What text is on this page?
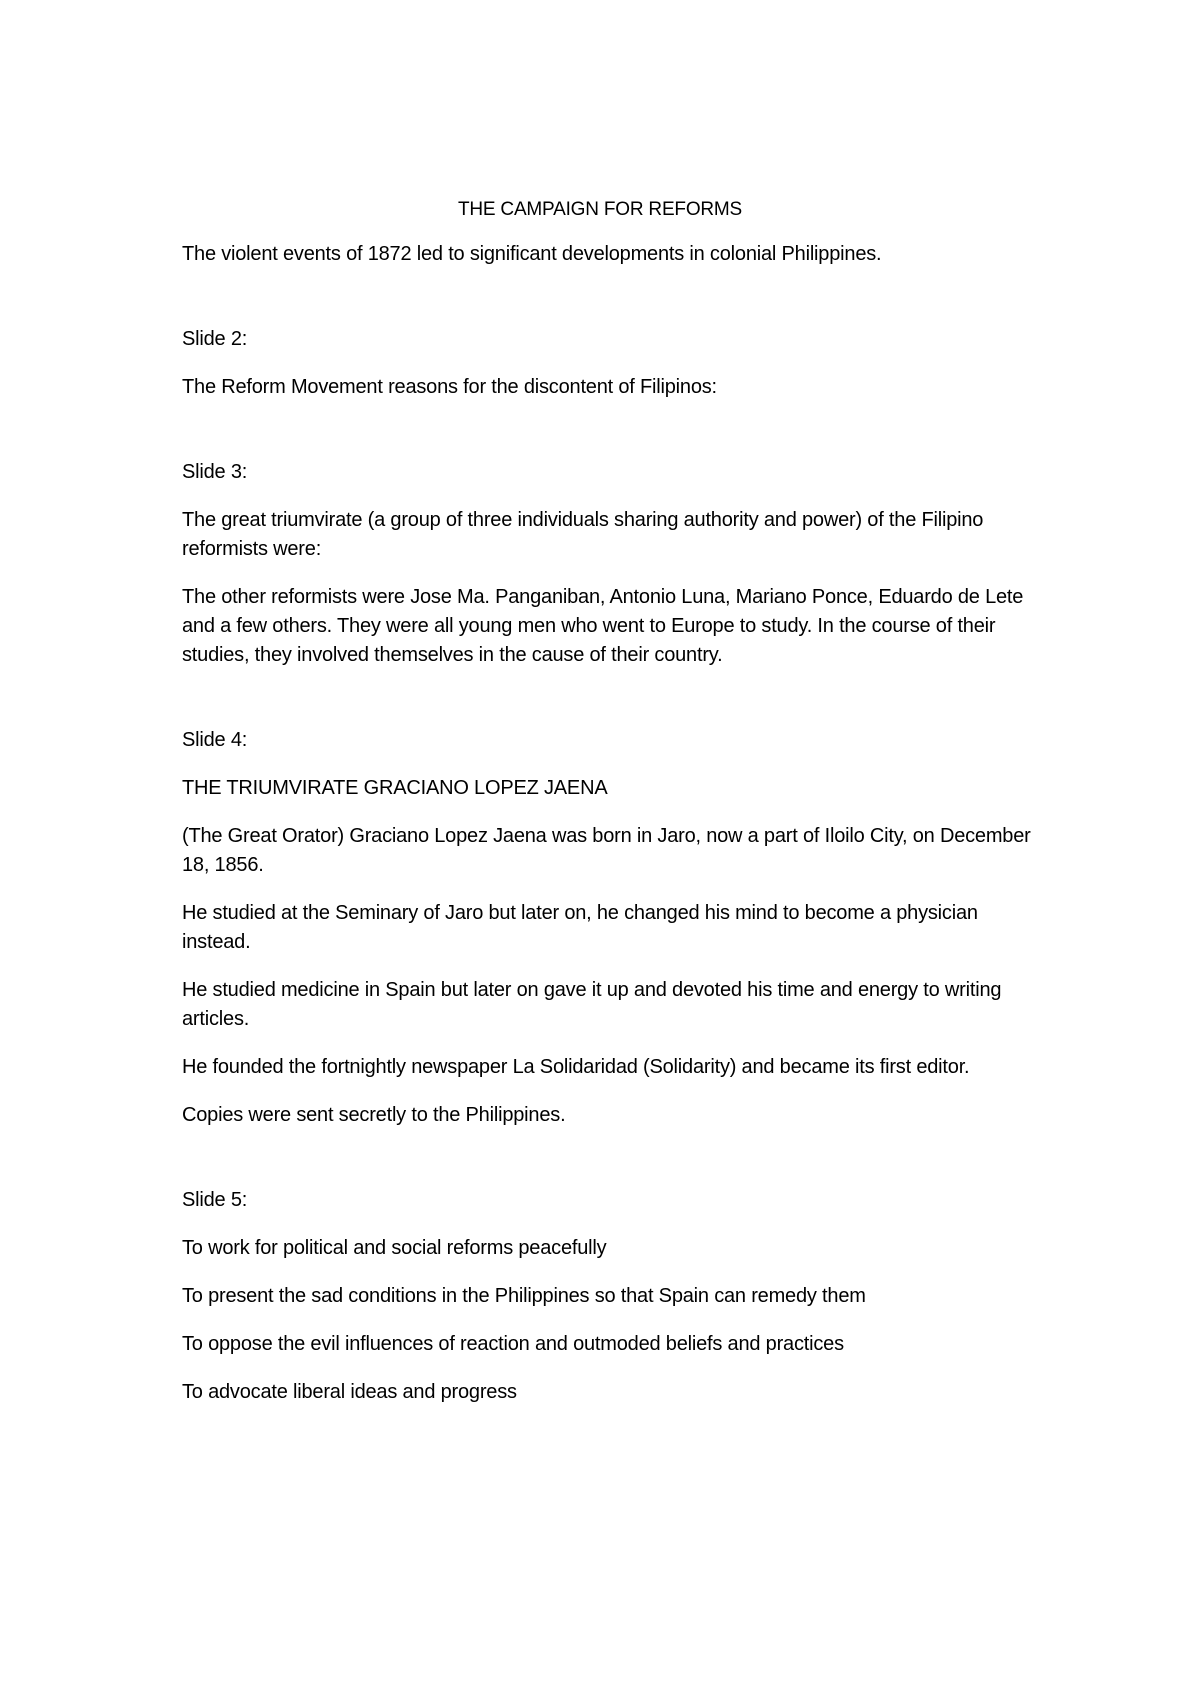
THE CAMPAIGN FOR REFORMS

The violent events of 1872 led to significant developments in colonial Philippines.

Slide 2:

The Reform Movement reasons for the discontent of Filipinos:

Slide 3:

The great triumvirate (a group of three individuals sharing authority and power) of the Filipino reformists were:

The other reformists were Jose Ma. Panganiban, Antonio Luna, Mariano Ponce, Eduardo de Lete and a few others. They were all young men who went to Europe to study. In the course of their studies, they involved themselves in the cause of their country.

Slide 4:

THE TRIUMVIRATE GRACIANO LOPEZ JAENA

(The Great Orator) Graciano Lopez Jaena was born in Jaro, now a part of Iloilo City, on December 18, 1856.

He studied at the Seminary of Jaro but later on, he changed his mind to become a physician instead.

He studied medicine in Spain but later on gave it up and devoted his time and energy to writing articles.

He founded the fortnightly newspaper La Solidaridad (Solidarity) and became its first editor.

Copies were sent secretly to the Philippines.

Slide 5:

To work for political and social reforms peacefully

To present the sad conditions in the Philippines so that Spain can remedy them

To oppose the evil influences of reaction and outmoded beliefs and practices

To advocate liberal ideas and progress
